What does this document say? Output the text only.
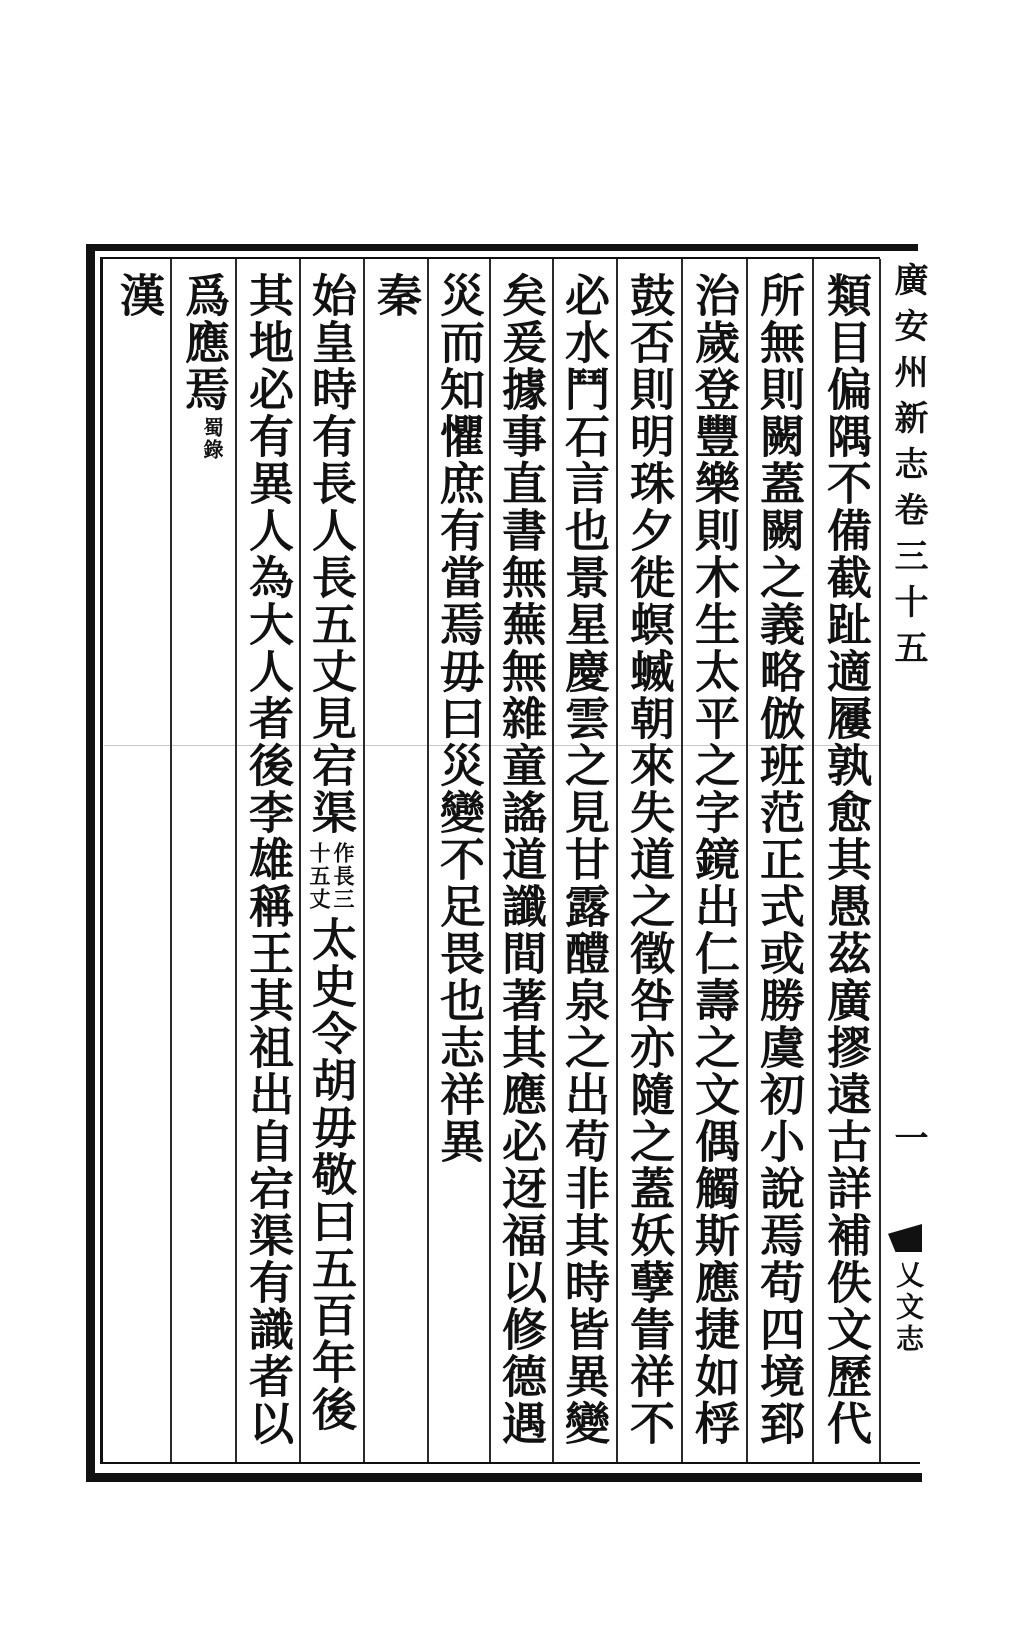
廣安州新志卷三十五
一
乂文志
類目偏隅不備截趾適屨孰愈其愚茲廣摎遠古詳補佚文歷代
所無則闕蓋闕之義略倣班范正式或勝虞初小說焉苟四境郅
治歲登豐樂則木生太平之字鏡出仁壽之文偶觸斯應捷如桴
鼓否則明珠夕徙螟蝛朝來失道之徵咎亦隨之蓋妖孽眚祥不
必水鬥石言也景星慶雲之見甘露醴泉之出苟非其時皆異變
矣爰據事直書無蕪無雜童謠道讖間著其應必迓福以修德遇
災而知懼庶有當焉毋曰災變不足畏也志祥異
秦
始皇時有長人長五丈見宕渠
作長三
十五丈
太史令胡毋敬曰五百年後
其地必有異人為大人者後李雄稱王其祖出自宕渠有識者以
爲應焉
蜀錄
漢
